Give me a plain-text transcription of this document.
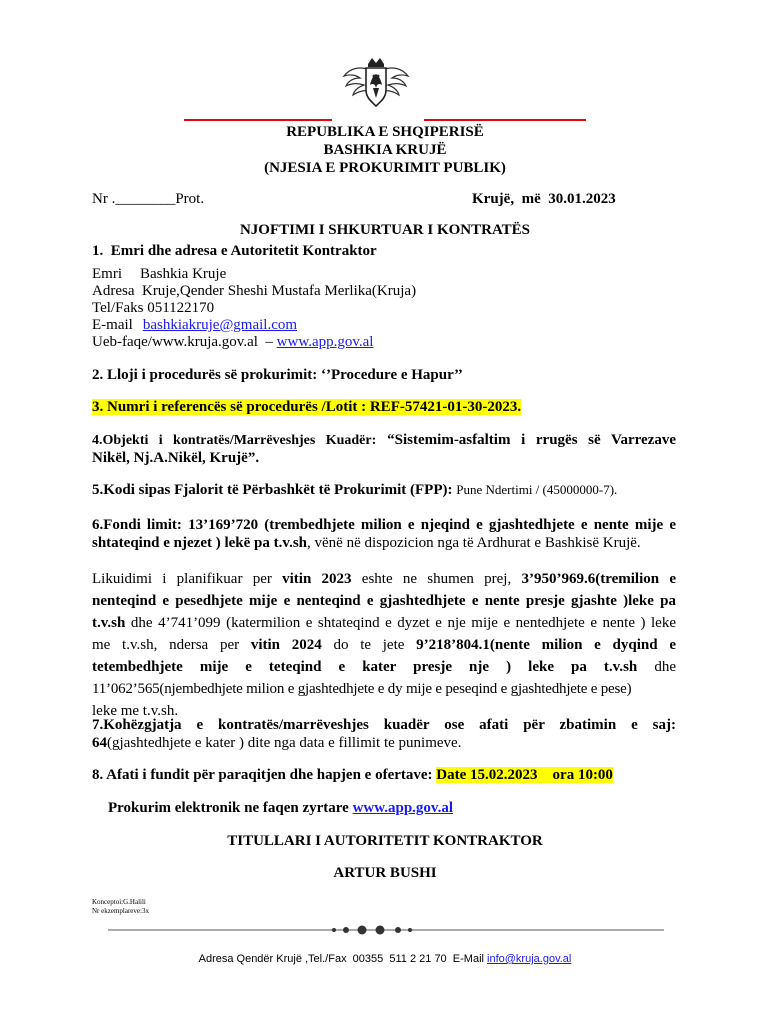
REPUBLIKA E SHQIPERISË
BASHKIA KRUJË
(NJESIA E PROKURIMIT PUBLIK)
Nr .________Prot.	Krujë,  më  30.01.2023
NJOFTIMI I SHKURTUAR I KONTRATËS
1.  Emri dhe adresa e Autoritetit Kontraktor
Emri Bashkia Kruje
Adresa Kruje,Qender Sheshi Mustafa Merlika(Kruja)
Tel/Faks 051122170
E-mail bashkiakruje@gmail.com
Ueb-faqe/www.kruja.gov.al  – www.app.gov.al
2. Lloji i procedurës së prokurimit: ‘’Procedure e Hapur’’
3. Numri i referencës së procedurës /Lotit : REF-57421-01-30-2023.
4.Objekti i kontratës/Marrëveshjes Kuadër: “Sistemim-asfaltim i rrugës së Varrezave
Nikël, Nj.A.Nikël, Krujë”.
5.Kodi sipas Fjalorit të Përbashkët të Prokurimit (FPP): Pune Ndertimi / (45000000-7).
6.Fondi limit: 13’169’720 (trembedhjete milion e njeqind e gjashtedhjete e nente mije e
shtateqind e njezet ) lekë pa t.v.sh, vënë në dispozicion nga të Ardhurat e Bashkisë Krujë.
Likuidimi i planifikuar per vitin 2023 eshte ne shumen prej, 3’950’969.6(tremilion e
nenteqind e pesedhjete mije e nenteqind e gjashtedhjete e nente presje gjashte )leke pa
t.v.sh dhe 4’741’099 (katermilion e shtateqind e dyzet e nje mije e nentedhjete e nente ) leke
me t.v.sh, ndersa per vitin 2024 do te jete 9’218’804.1(nente milion e dyqind e
tetembedhjete mije e teteqind e kater presje nje ) leke pa t.v.sh dhe
11’062’565(njembedhjete milion e gjashtedhjete e dy mije e peseqind e gjashtedhjete e pese)
leke me t.v.sh.
7.Kohëzgjatja e kontratës/marrëveshjes kuadër ose afati për zbatimin e saj:
64(gjashtedhjete e kater ) dite nga data e fillimit te punimeve.
8. Afati i fundit për paraqitjen dhe hapjen e ofertave: Date 15.02.2023    ora 10:00
Prokurim elektronik ne faqen zyrtare www.app.gov.al
TITULLARI I AUTORITETIT KONTRAKTOR
ARTUR BUSHI
Konceptoi:G.Halili
Nr ekzemplareve:3x
Adresa Qendër Krujë ,Tel./Fax  00355  511 2 21 70  E-Mail info@kruja.gov.al
